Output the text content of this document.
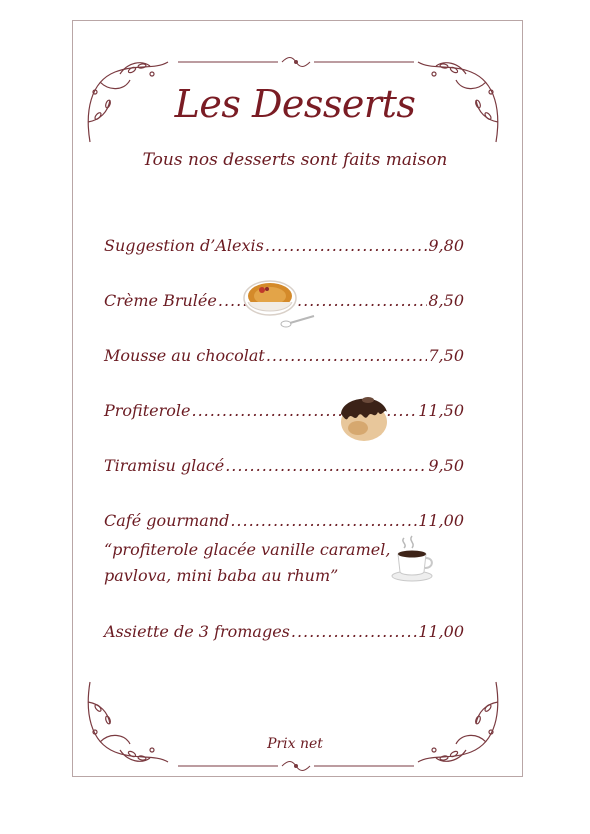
Les Desserts
Tous nos desserts sont faits maison
Suggestion d’Alexis .....	9,80
Crème Brulée .....	8,50
Mousse au chocolat .....	7,50
Profiterole .....	11,50
Tiramisu glacé .....	9,50
Café gourmand .....	11,00
“profiterole glacée vanille caramel,
pavlova, mini baba au rhum”
Assiette de 3 fromages .....	11,00
Prix net
